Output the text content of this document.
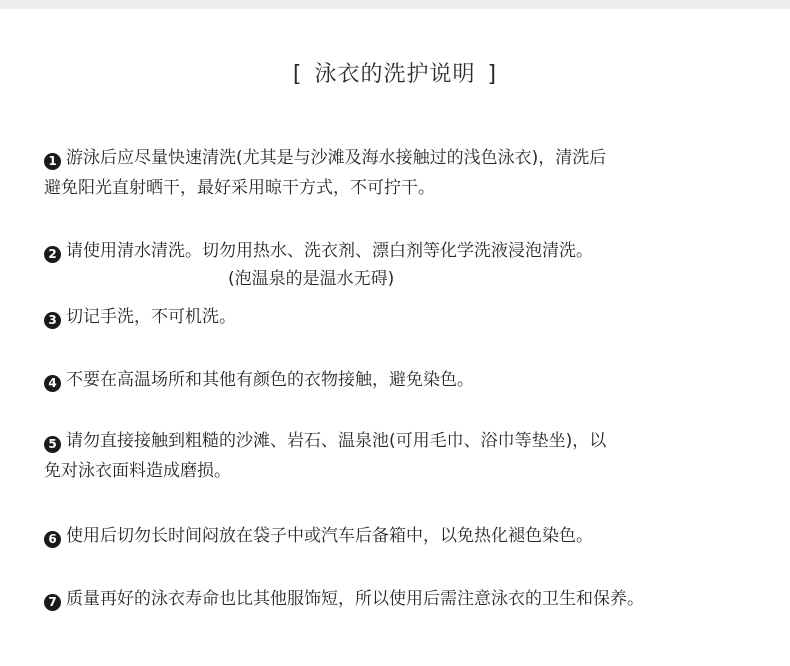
[ 泳衣的洗护说明 ]
1 游泳后应尽量快速清洗(尤其是与沙滩及海水接触过的浅色泳衣)，清洗后
避免阳光直射晒干，最好采用晾干方式，不可拧干。
2 请使用清水清洗。切勿用热水、洗衣剂、漂白剂等化学洗液浸泡清洗。
(泡温泉的是温水无碍)
3 切记手洗，不可机洗。
4 不要在高温场所和其他有颜色的衣物接触，避免染色。
5 请勿直接接触到粗糙的沙滩、岩石、温泉池(可用毛巾、浴巾等垫坐)，以
免对泳衣面料造成磨损。
6 使用后切勿长时间闷放在袋子中或汽车后备箱中，以免热化褪色染色。
7 质量再好的泳衣寿命也比其他服饰短，所以使用后需注意泳衣的卫生和保养。
